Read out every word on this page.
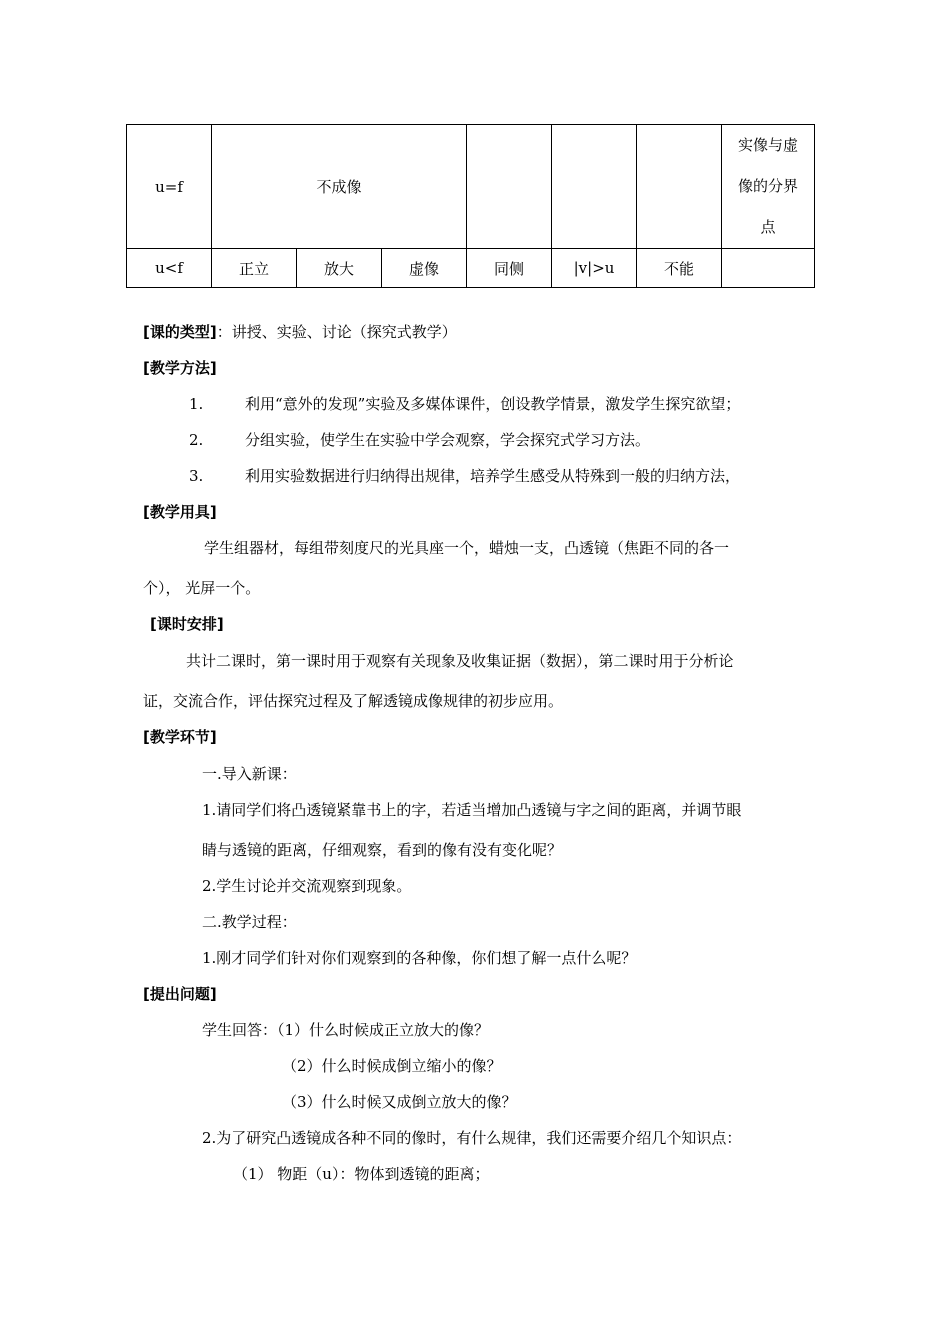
u=f	不成像						实像与虚
像的分界
点

u<f	正立	放大	虚像	同侧	|v|>u	不能	
[课的类型]：讲授、实验、讨论（探究式教学）
[教学方法]
1.	利用“意外的发现”实验及多媒体课件，创设教学情景，激发学生探究欲望；
2.	分组实验，使学生在实验中学会观察，学会探究式学习方法。
3.	利用实验数据进行归纳得出规律，培养学生感受从特殊到一般的归纳方法，
[教学用具]
学生组器材，每组带刻度尺的光具座一个，蜡烛一支，凸透镜（焦距不同的各一
个）， 光屏一个。
[课时安排]
共计二课时，第一课时用于观察有关现象及收集证据（数据），第二课时用于分析论
证，交流合作，评估探究过程及了解透镜成像规律的初步应用。
[教学环节]
一.导入新课：
1.请同学们将凸透镜紧靠书上的字，若适当增加凸透镜与字之间的距离，并调节眼
睛与透镜的距离，仔细观察，看到的像有没有变化呢？
2.学生讨论并交流观察到现象。
二.教学过程：
1.刚才同学们针对你们观察到的各种像，你们想了解一点什么呢？
[提出问题]
学生回答：（1）什么时候成正立放大的像？
（2）什么时候成倒立缩小的像？
（3）什么时候又成倒立放大的像？
2.为了研究凸透镜成各种不同的像时，有什么规律，我们还需要介绍几个知识点：
（1） 物距（u）：物体到透镜的距离；
